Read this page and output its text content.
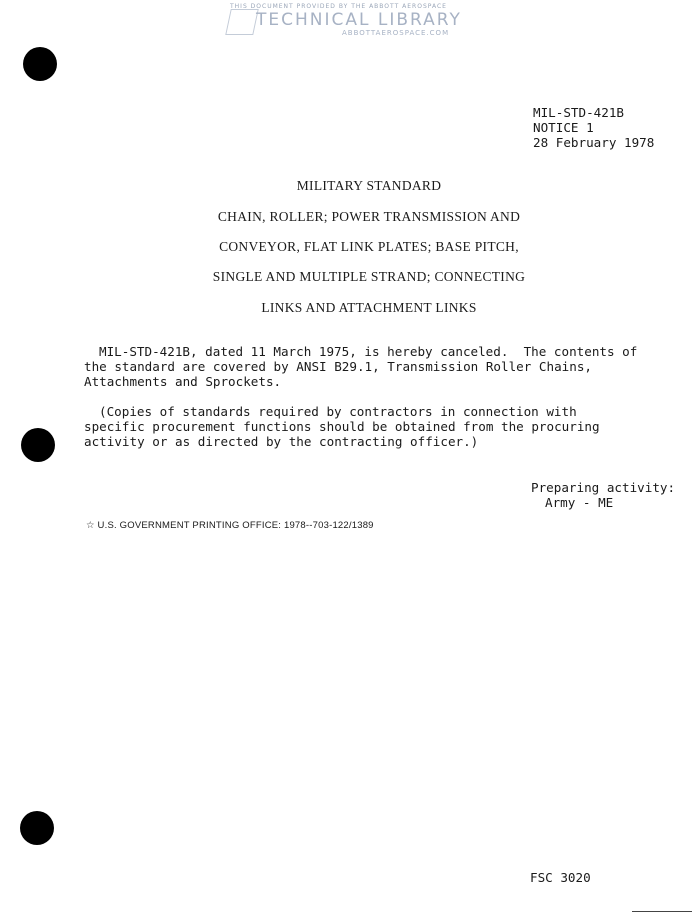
THIS DOCUMENT PROVIDED BY THE ABBOTT AEROSPACE
TECHNICAL LIBRARY
ABBOTTAEROSPACE.COM
MIL-STD-421B
NOTICE 1
28 February 1978
MILITARY STANDARD
CHAIN, ROLLER; POWER TRANSMISSION AND
CONVEYOR, FLAT LINK PLATES; BASE PITCH,
SINGLE AND MULTIPLE STRAND; CONNECTING
LINKS AND ATTACHMENT LINKS
MIL-STD-421B, dated 11 March 1975, is hereby canceled.  The contents of
the standard are covered by ANSI B29.1, Transmission Roller Chains,
Attachments and Sprockets.
(Copies of standards required by contractors in connection with
specific procurement functions should be obtained from the procuring
activity or as directed by the contracting officer.)
Preparing activity:
Army - ME
☆ U.S. GOVERNMENT PRINTING OFFICE: 1978--703-122/1389
FSC 3020
